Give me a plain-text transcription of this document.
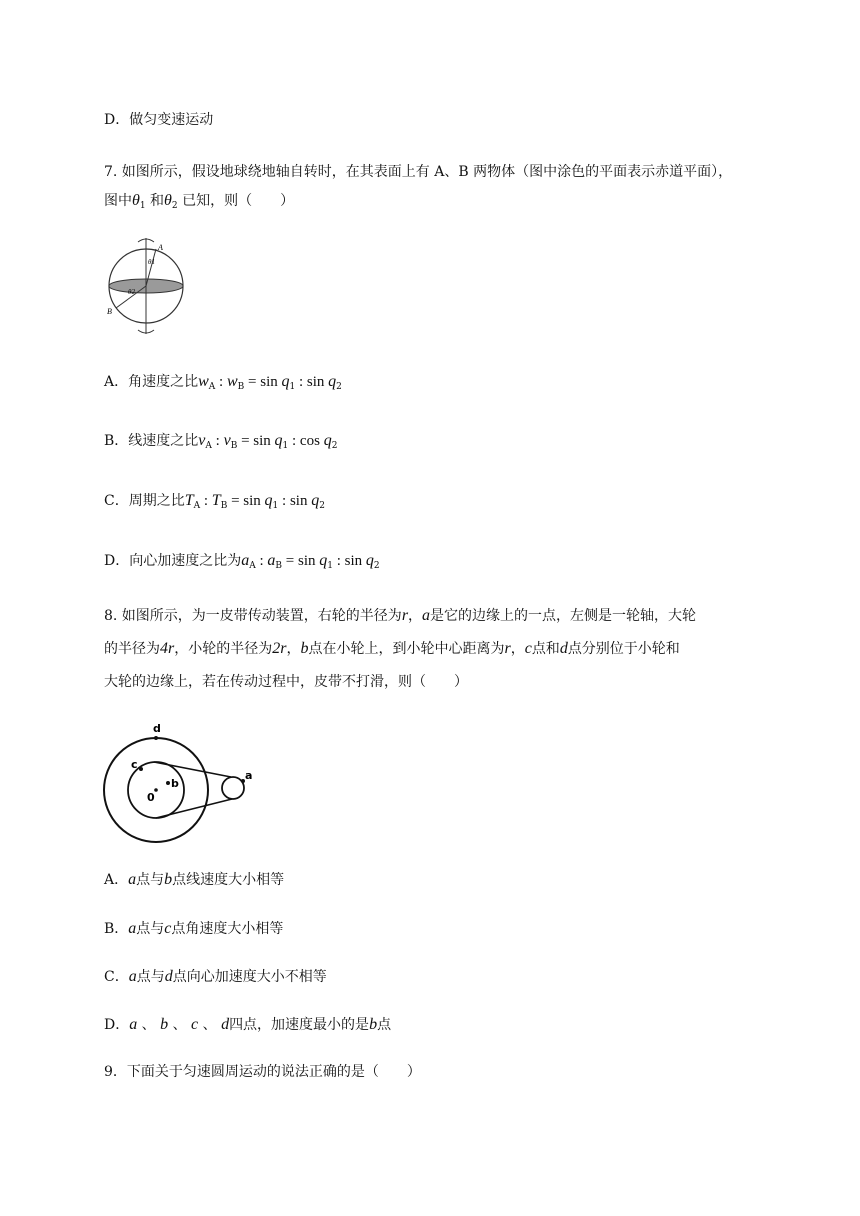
D．做匀变速运动
7. 如图所示，假设地球绕地轴自转时，在其表面上有 A、B 两物体（图中涂色的平面表示赤道平面），
图中$\theta_1$ 和$\theta_2$ 已知，则（　　）
A
B
θ1
θ2
A．角速度之比$w_A$ : $w_B = \sin q_1$ : $\sin q_2$
B．线速度之比$v_A$ : $v_B = \sin q_1$ : $\cos q_2$
C．周期之比$T_A$ : $T_B = \sin q_1$ : $\sin q_2$
D．向心加速度之比为$a_A$ : $a_B = \sin q_1$ : $\sin q_2$
8. 如图所示，为一皮带传动装置，右轮的半径为r，a是它的边缘上的一点，左侧是一轮轴，大轮
的半径为4r，小轮的半径为2r，b点在小轮上，到小轮中心距离为r，c点和d点分别位于小轮和
大轮的边缘上，若在传动过程中，皮带不打滑，则（　　）
d
c
b
0
a
A．a点与b点线速度大小相等
B．a点与c点角速度大小相等
C．a点与d点向心加速度大小不相等
D．a 、 b 、 c 、 d四点，加速度最小的是b点
9．下面关于匀速圆周运动的说法正确的是（　　）
